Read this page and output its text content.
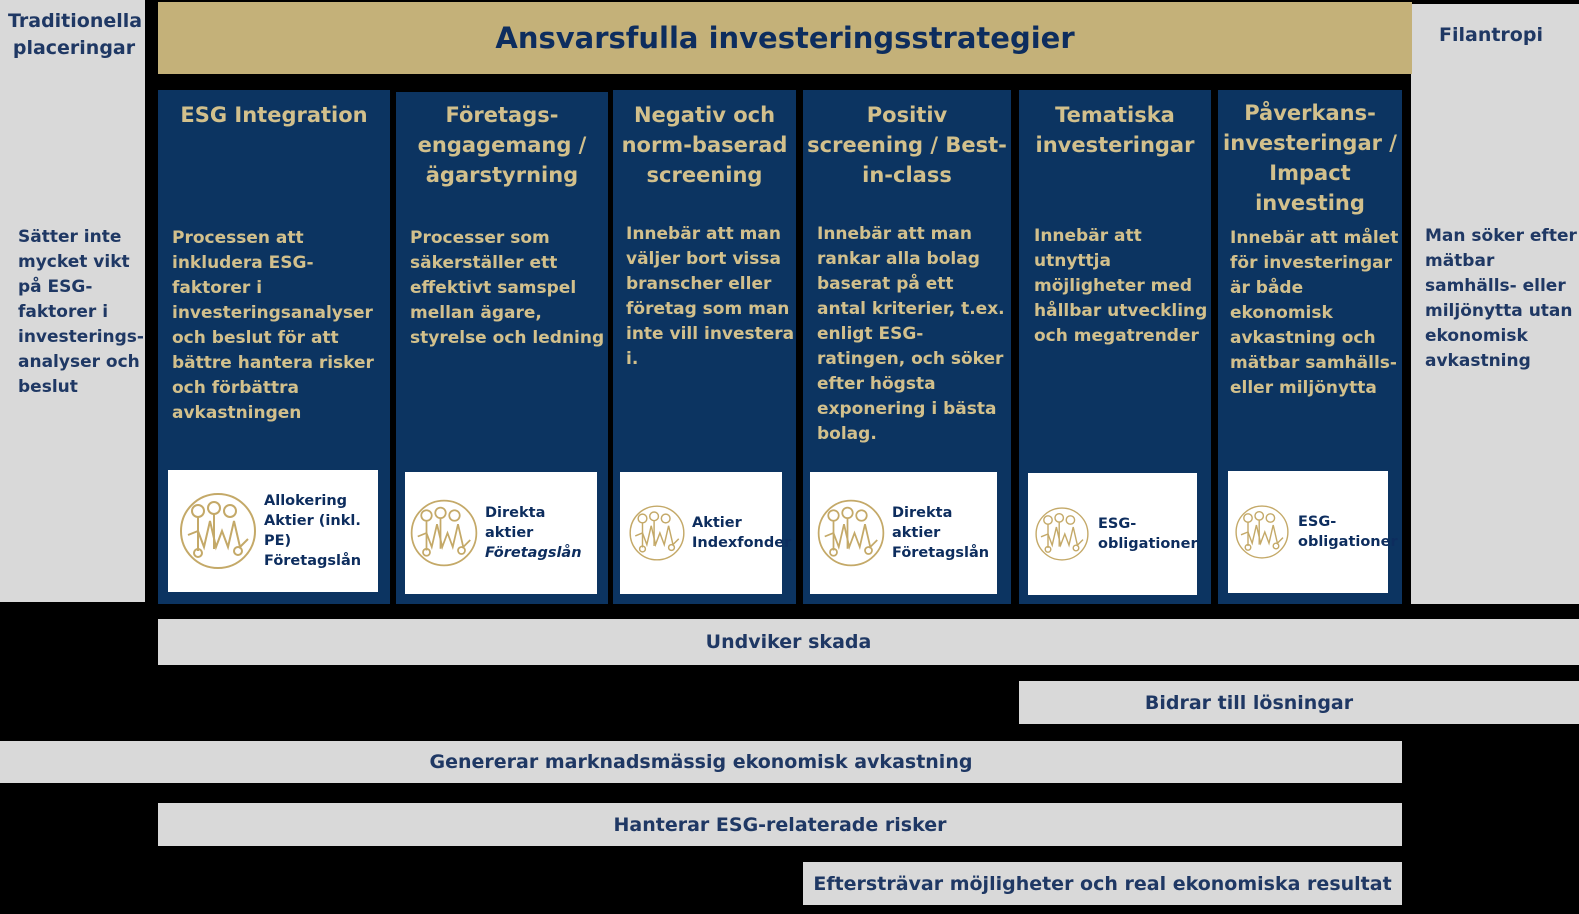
Traditionella placeringar
Sätter inte mycket vikt på ESG-faktorer i investerings-analyser och beslut
Filantropi
Man söker efter mätbar samhälls- eller miljönytta utan ekonomisk avkastning
Ansvarsfulla investeringsstrategier
ESG Integration
Processen att inkludera ESG-faktorer i investeringsanalyser och beslut för att bättre hantera risker och förbättra avkastningen
Allokering
Aktier (inkl. PE)
Företagslån
Företags-engagemang / ägarstyrning
Processer som säkerställer ett effektivt samspel mellan ägare, styrelse och ledning
Direkta aktier
Företagslån
Negativ och norm-baserad screening
Innebär att man väljer bort vissa branscher eller företag som man inte vill investera i.
Aktier
Indexfonder
Positiv screening / Best-in-class
Innebär att man rankar alla bolag baserat på ett antal kriterier, t.ex. enligt ESG-ratingen, och söker efter högsta exponering i bästa bolag.
Direkta aktier
Företagslån
Tematiska investeringar
Innebär att utnyttja möjligheter med hållbar utveckling och megatrender
ESG-
obligationer
Påverkans-investeringar / Impact investing
Innebär att målet för investeringar är både ekonomisk avkastning och mätbar samhälls- eller miljönytta
ESG-
obligationer
Undviker skada
Bidrar till lösningar
Genererar marknadsmässig ekonomisk avkastning
Hanterar ESG-relaterade risker
Eftersträvar möjligheter och real ekonomiska resultat
